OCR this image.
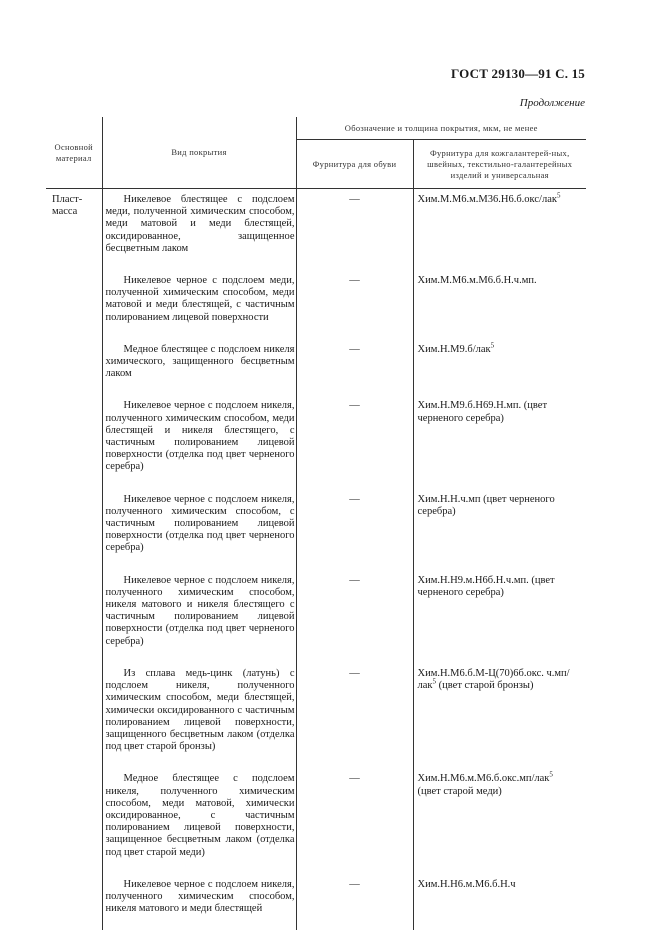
ГОСТ 29130—91 С. 15
Продолжение
Основной материал	Вид покрытия	Обозначение и толщина покрытия, мкм, не менее	
		Фурнитура для обуви	Фурнитура для кожгалантерей-ных, швейных, текстильно-галантерейных изделий и универсальная
Пласт-масса	Никелевое блестящее с подслоем меди, полученной химическим способом, меди матовой и меди блестящей, оксидированное, защищенное бесцветным лаком	—	Хим.М.М6.м.М36.Н6.б.окс/лак$^5$

	Никелевое черное с подслоем меди, полученной химическим способом, меди матовой и меди блестящей, с частичным полированием лицевой поверхности	—	Хим.М.М6.м.М6.б.Н.ч.мп.

	Медное блестящее с подслоем никеля химического, защищенного бесцветным лаком	—	Хим.Н.М9.б/лак$^5$

	Никелевое черное с подслоем никеля, полученного химическим способом, меди блестящей и никеля блестящего, с частичным полированием лицевой поверхности (отделка под цвет черненого серебра)	—	Хим.Н.М9.б.Н69.Н.мп. (цвет черненого серебра)

	Никелевое черное с подслоем никеля, полученного химическим способом, с частичным полированием лицевой поверхности (отделка под цвет черненого серебра)	—	Хим.Н.Н.ч.мп (цвет черненого серебра)

	Никелевое черное с подслоем никеля, полученного химическим способом, никеля матового и никеля блестящего с частичным полированием лицевой поверхности (отделка под цвет черненого серебра)	—	Хим.Н.Н9.м.Н6б.Н.ч.мп. (цвет черненого серебра)

	Из сплава медь-цинк (латунь) с подслоем никеля, полученного химическим способом, меди блестящей, химически оксидированного с частичным полированием лицевой поверхности, защищенного бесцветным лаком (отделка под цвет старой бронзы)	—	Хим.Н.М6.б.М-Ц(70)6б.окс. ч.мп/лак$^5$ (цвет старой бронзы)

	Медное блестящее с подслоем никеля, полученного химическим способом, меди матовой, химически оксидированное, с частичным полированием лицевой поверхности, защищенное бесцветным лаком (отделка под цвет старой меди)	—	Хим.Н.М6.м.М6.б.окс.мп/лак$^5$
(цвет старой меди)

	Никелевое черное с подслоем никеля, полученного химическим способом, никеля матового и меди блестящей	—	Хим.Н.Н6.м.М6.б.Н.ч
